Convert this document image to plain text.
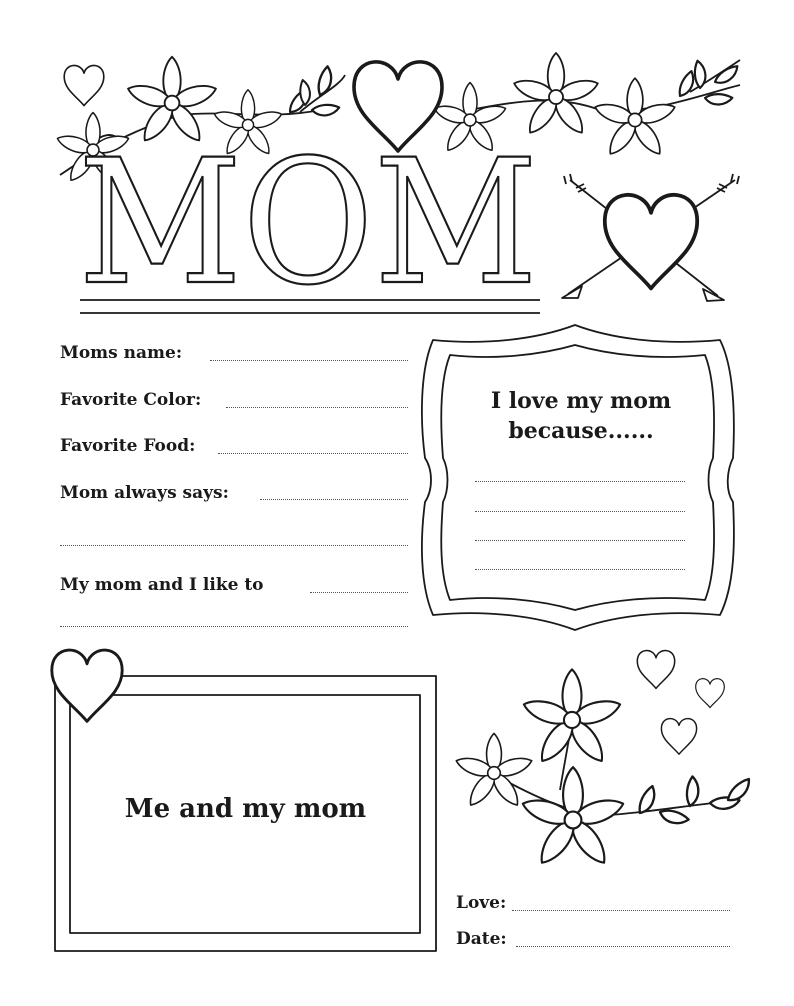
MOM
Moms name:
Favorite Color:
Favorite Food:
Mom always says:
My mom and I like to
I love my mom
because......
Me and my mom
Love:
Date:
